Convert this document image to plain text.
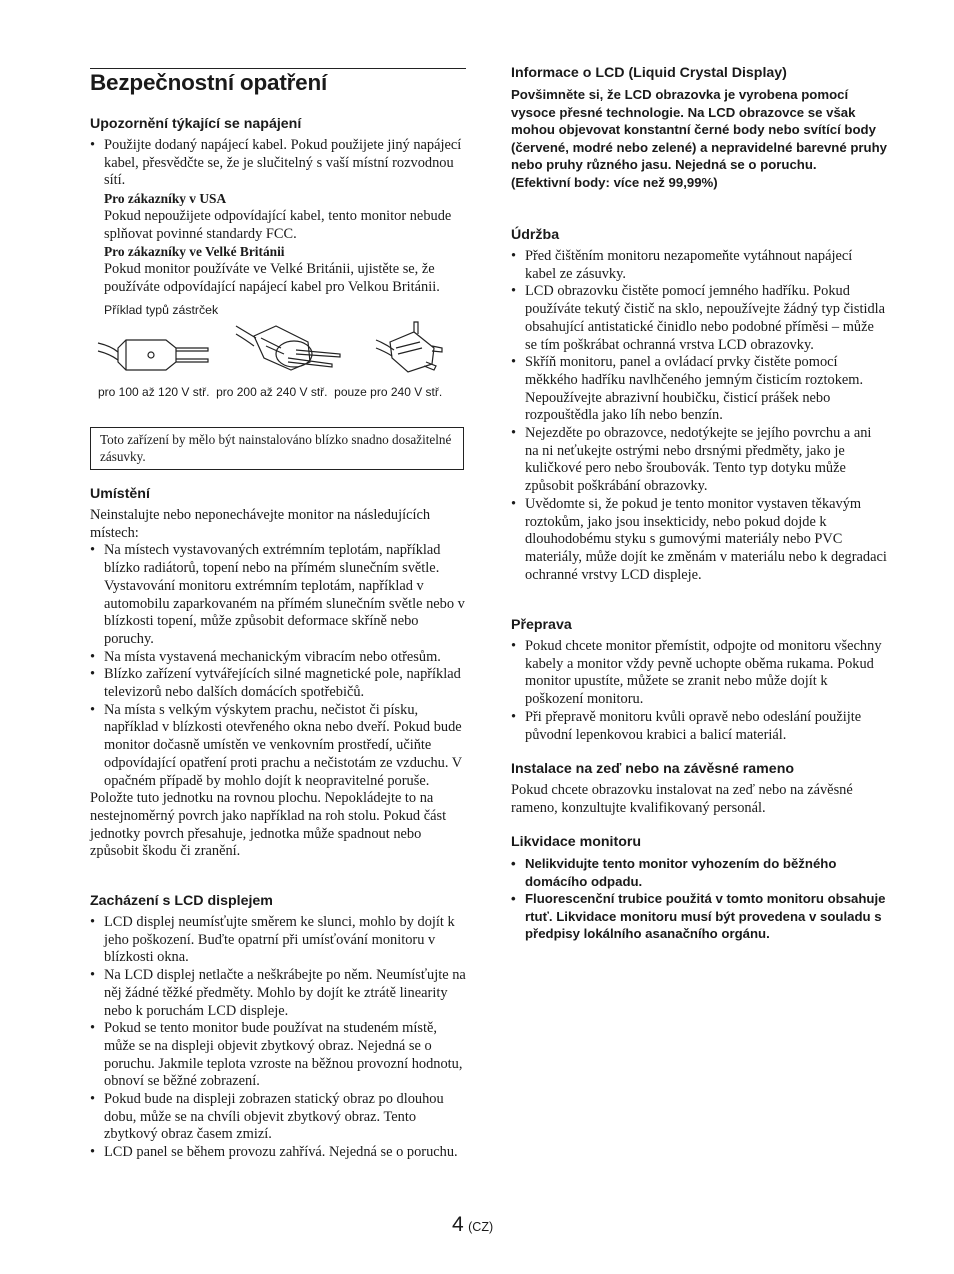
Bezpečnostní opatření
Upozornění týkající se napájení
• Použijte dodaný napájecí kabel. Pokud použijete jiný napájecí kabel, přesvědčte se, že je slučitelný s vaší místní rozvodnou sítí.

Pro zákazníky v USA

Pokud nepoužijete odpovídající kabel, tento monitor nebude splňovat povinné standardy FCC.

Pro zákazníky ve Velké Británii

Pokud monitor používáte ve Velké Británii, ujistěte se, že používáte odpovídající napájecí kabel pro Velkou Británii.

Příklad typů zástrček
pro 100 až 120 V stř. pro 200 až 240 V stř. pouze pro 240 V stř.
Toto zařízení by mělo být nainstalováno blízko snadno dosažitelné zásuvky.
Umístění

Neinstalujte nebo neponechávejte monitor na následujících místech:

• Na místech vystavovaných extrémním teplotám, například blízko radiátorů, topení nebo na přímém slunečním světle. Vystavování monitoru extrémním teplotám, například v automobilu zaparkovaném na přímém slunečním světle nebo v blízkosti topení, může způsobit deformace skříně nebo poruchy.
• Na místa vystavená mechanickým vibracím nebo otřesům.
• Blízko zařízení vytvářejících silné magnetické pole, například televizorů nebo dalších domácích spotřebičů.
• Na místa s velkým výskytem prachu, nečistot či písku, například v blízkosti otevřeného okna nebo dveří. Pokud bude monitor dočasně umístěn ve venkovním prostředí, učiňte odpovídající opatření proti prachu a nečistotám ze vzduchu. V opačném případě by mohlo dojít k neopravitelné poruše.

Položte tuto jednotku na rovnou plochu. Nepokládejte to na nestejnoměrný povrch jako například na roh stolu. Pokud část jednotky povrch přesahuje, jednotka může spadnout nebo způsobit škodu či zranění.

Zacházení s LCD displejem
• LCD displej neumísťujte směrem ke slunci, mohlo by dojít k jeho poškození. Buďte opatrní při umísťování monitoru v blízkosti okna.
• Na LCD displej netlačte a neškrábejte po něm. Neumísťujte na něj žádné těžké předměty. Mohlo by dojít ke ztrátě linearity nebo k poruchám LCD displeje.
• Pokud se tento monitor bude používat na studeném místě, může se na displeji objevit zbytkový obraz. Nejedná se o poruchu. Jakmile teplota vzroste na běžnou provozní hodnotu, obnoví se běžné zobrazení.
• Pokud bude na displeji zobrazen statický obraz po dlouhou dobu, může se na chvíli objevit zbytkový obraz. Tento zbytkový obraz časem zmizí.
• LCD panel se během provozu zahřívá. Nejedná se o poruchu.
Informace o LCD (Liquid Crystal Display)

Povšimněte si, že LCD obrazovka je vyrobena pomocí vysoce přesné technologie. Na LCD obrazovce se však mohou objevovat konstantní černé body nebo svítící body (červené, modré nebo zelené) a nepravidelné barevné pruhy nebo pruhy různého jasu. Nejedná se o poruchu.

(Efektivní body: více než 99,99%)

Údržba
• Před čištěním monitoru nezapomeňte vytáhnout napájecí kabel ze zásuvky.
• LCD obrazovku čistěte pomocí jemného hadříku. Pokud používáte tekutý čistič na sklo, nepoužívejte žádný typ čistidla obsahující antistatické činidlo nebo podobné příměsi – může se tím poškrábat ochranná vrstva LCD obrazovky.
• Skříň monitoru, panel a ovládací prvky čistěte pomocí měkkého hadříku navlhčeného jemným čisticím roztokem. Nepoužívejte abrazivní houbičku, čisticí prášek nebo rozpouštědla jako líh nebo benzín.
• Nejezděte po obrazovce, nedotýkejte se jejího povrchu a ani na ni neťukejte ostrými nebo drsnými předměty, jako je kuličkové pero nebo šroubovák. Tento typ dotyku může způsobit poškrábání obrazovky.
• Uvědomte si, že pokud je tento monitor vystaven těkavým roztokům, jako jsou insekticidy, nebo pokud dojde k dlouhodobému styku s gumovými materiály nebo PVC materiály, může dojít ke změnám v materiálu nebo k degradaci ochranné vrstvy LCD displeje.
Přeprava
• Pokud chcete monitor přemístit, odpojte od monitoru všechny kabely a monitor vždy pevně uchopte oběma rukama. Pokud monitor upustíte, můžete se zranit nebo může dojít k poškození monitoru.
• Při přepravě monitoru kvůli opravě nebo odeslání použijte původní lepenkovou krabici a balicí materiál.
Instalace na zeď nebo na závěsné rameno

Pokud chcete obrazovku instalovat na zeď nebo na závěsné rameno, konzultujte kvalifikovaný personál.

Likvidace monitoru
• Nelikvidujte tento monitor vyhozením do běžného domácího odpadu.
• Fluorescenční trubice použitá v tomto monitoru obsahuje rtuť. Likvidace monitoru musí být provedena v souladu s předpisy lokálního asanačního orgánu.
4 (CZ)
